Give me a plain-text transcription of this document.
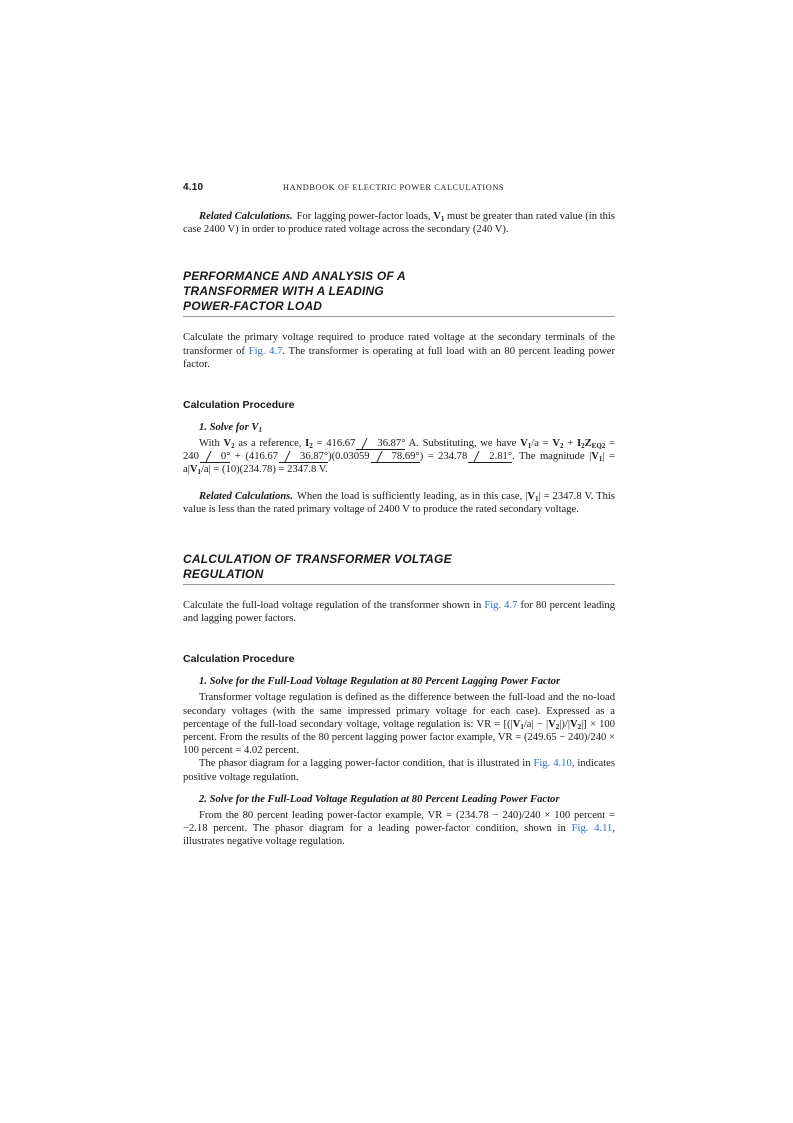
4.10	HANDBOOK OF ELECTRIC POWER CALCULATIONS

Related Calculations. For lagging power-factor loads, $V_1$ must be greater than rated value (in this case 2400 V) in order to produce rated voltage across the secondary (240 V).

PERFORMANCE AND ANALYSIS OF A
TRANSFORMER WITH A LEADING
POWER-FACTOR LOAD

Calculate the primary voltage required to produce rated voltage at the secondary terminals of the transformer of Fig. 4.7. The transformer is operating at full load with an 80 percent leading power factor.

Calculation Procedure
1. Solve for $V_1$

With $V_2$ as a reference, $I_2 = 416.67$ 36.87° A. Substituting, we have $V_1/a = V_2 + I_2Z_{EQ2} = 240$ 0° + (416.67 36.87°)(0.03059 78.69°) = 234.78 2.81°. The magnitude $|V_1| = a|V_1/a| = (10)(234.78) = 2347.8$ V.

Related Calculations. When the load is sufficiently leading, as in this case, $|V_1| = 2347.8$ V. This value is less than the rated primary voltage of 2400 V to produce the rated secondary voltage.

CALCULATION OF TRANSFORMER VOLTAGE
REGULATION

Calculate the full-load voltage regulation of the transformer shown in Fig. 4.7 for 80 percent leading and lagging power factors.

Calculation Procedure
1. Solve for the Full-Load Voltage Regulation at 80 Percent Lagging Power Factor

Transformer voltage regulation is defined as the difference between the full-load and the no-load secondary voltages (with the same impressed primary voltage for each case). Expressed as a percentage of the full-load secondary voltage, voltage regulation is: VR = $[(|V_1/a| - |V_2|)/|V_2|] \times 100$ percent. From the results of the 80 percent lagging power factor example, VR = (249.65 − 240)/240 × 100 percent = 4.02 percent.

The phasor diagram for a lagging power-factor condition, that is illustrated in Fig. 4.10, indicates positive voltage regulation.

2. Solve for the Full-Load Voltage Regulation at 80 Percent Leading Power Factor

From the 80 percent leading power-factor example, VR = (234.78 − 240)/240 × 100 percent = −2.18 percent. The phasor diagram for a leading power-factor condition, shown in Fig. 4.11, illustrates negative voltage regulation.
